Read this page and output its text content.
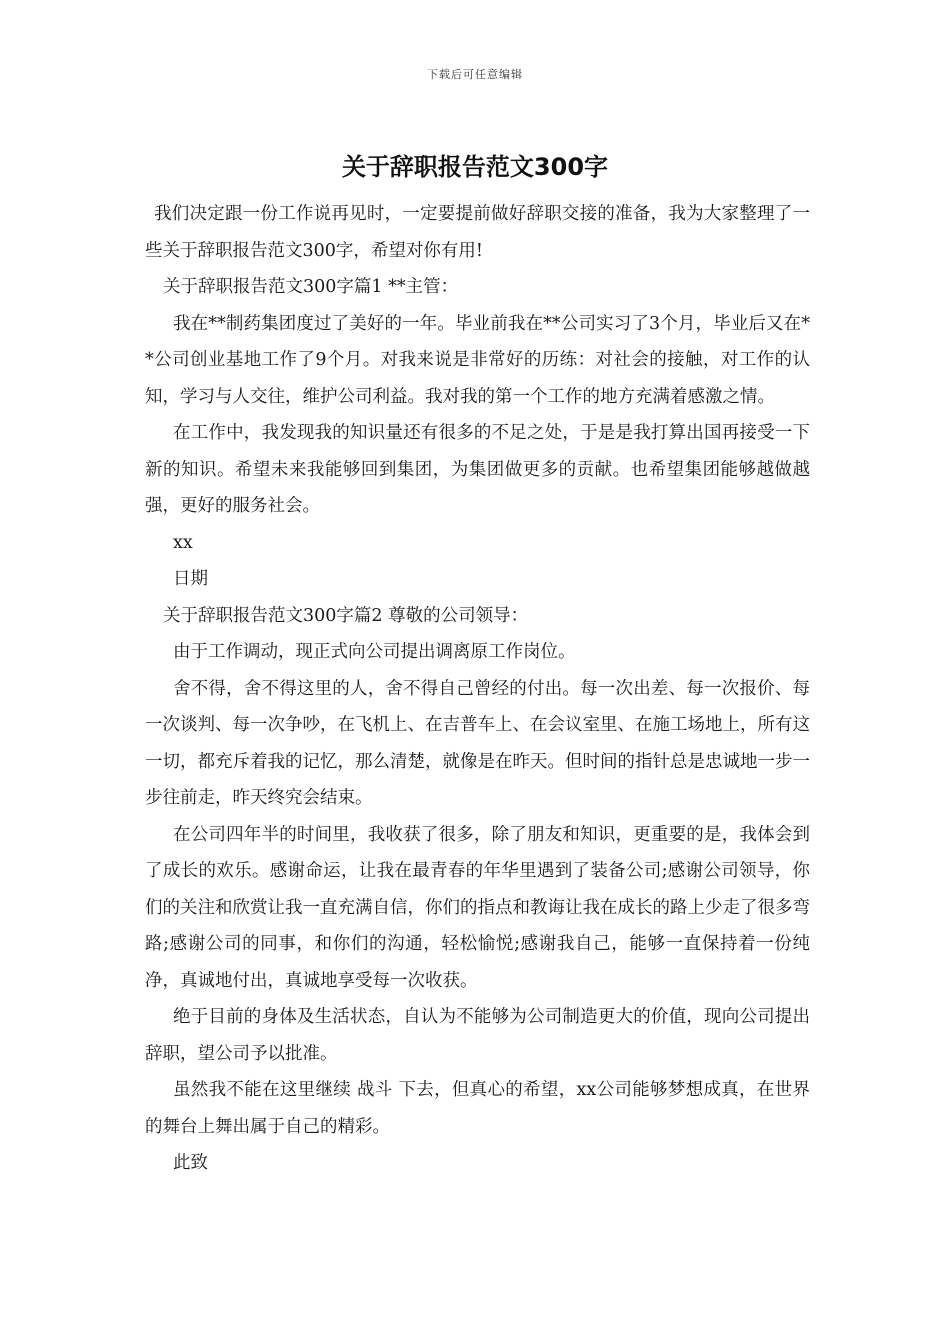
下载后可任意编辑
关于辞职报告范文300字

我们决定跟一份工作说再见时，一定要提前做好辞职交接的准备，我为大家整理了一些关于辞职报告范文300字，希望对你有用!

关于辞职报告范文300字篇1 **主管：

我在**制药集团度过了美好的一年。毕业前我在**公司实习了3个月，毕业后又在**公司创业基地工作了9个月。对我来说是非常好的历练：对社会的接触，对工作的认知，学习与人交往，维护公司利益。我对我的第一个工作的地方充满着感激之情。

在工作中，我发现我的知识量还有很多的不足之处，于是是我打算出国再接受一下新的知识。希望未来我能够回到集团，为集团做更多的贡献。也希望集团能够越做越强，更好的服务社会。

xx

日期

关于辞职报告范文300字篇2 尊敬的公司领导：

由于工作调动，现正式向公司提出调离原工作岗位。

舍不得，舍不得这里的人，舍不得自己曾经的付出。每一次出差、每一次报价、每一次谈判、每一次争吵，在飞机上、在吉普车上、在会议室里、在施工场地上，所有这一切，都充斥着我的记忆，那么清楚，就像是在昨天。但时间的指针总是忠诚地一步一步往前走，昨天终究会结束。

在公司四年半的时间里，我收获了很多，除了朋友和知识，更重要的是，我体会到了成长的欢乐。感谢命运，让我在最青春的年华里遇到了装备公司;感谢公司领导，你们的关注和欣赏让我一直充满自信，你们的指点和教诲让我在成长的路上少走了很多弯路;感谢公司的同事，和你们的沟通，轻松愉悦;感谢我自己，能够一直保持着一份纯净，真诚地付出，真诚地享受每一次收获。

绝于目前的身体及生活状态，自认为不能够为公司制造更大的价值，现向公司提出辞职，望公司予以批准。

虽然我不能在这里继续 战斗 下去，但真心的希望，xx公司能够梦想成真，在世界的舞台上舞出属于自己的精彩。

此致
